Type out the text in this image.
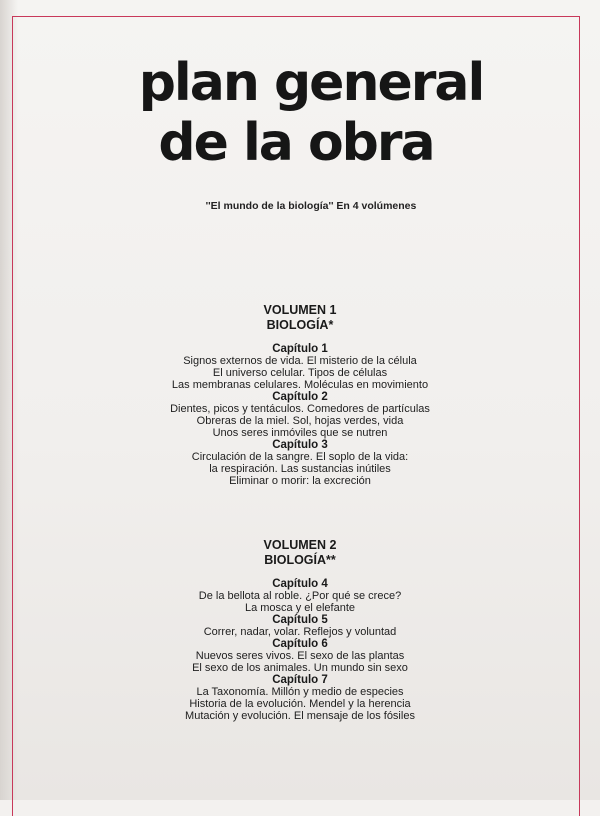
plan general
de la obra
''El mundo de la biología'' En 4 volúmenes
VOLUMEN 1
BIOLOGÍA*
Capítulo 1
Signos externos de vida. El misterio de la célula
El universo celular. Tipos de células
Las membranas celulares. Moléculas en movimiento
Capítulo 2
Dientes, picos y tentáculos. Comedores de partículas
Obreras de la miel. Sol, hojas verdes, vida
Unos seres inmóviles que se nutren
Capítulo 3
Circulación de la sangre. El soplo de la vida:
la respiración. Las sustancias inútiles
Eliminar o morir: la excreción
VOLUMEN 2
BIOLOGÍA**
Capítulo 4
De la bellota al roble. ¿Por qué se crece?
La mosca y el elefante
Capítulo 5
Correr, nadar, volar. Reflejos y voluntad
Capítulo 6
Nuevos seres vivos. El sexo de las plantas
El sexo de los animales. Un mundo sin sexo
Capítulo 7
La Taxonomía. Millón y medio de especies
Historia de la evolución. Mendel y la herencia
Mutación y evolución. El mensaje de los fósiles
